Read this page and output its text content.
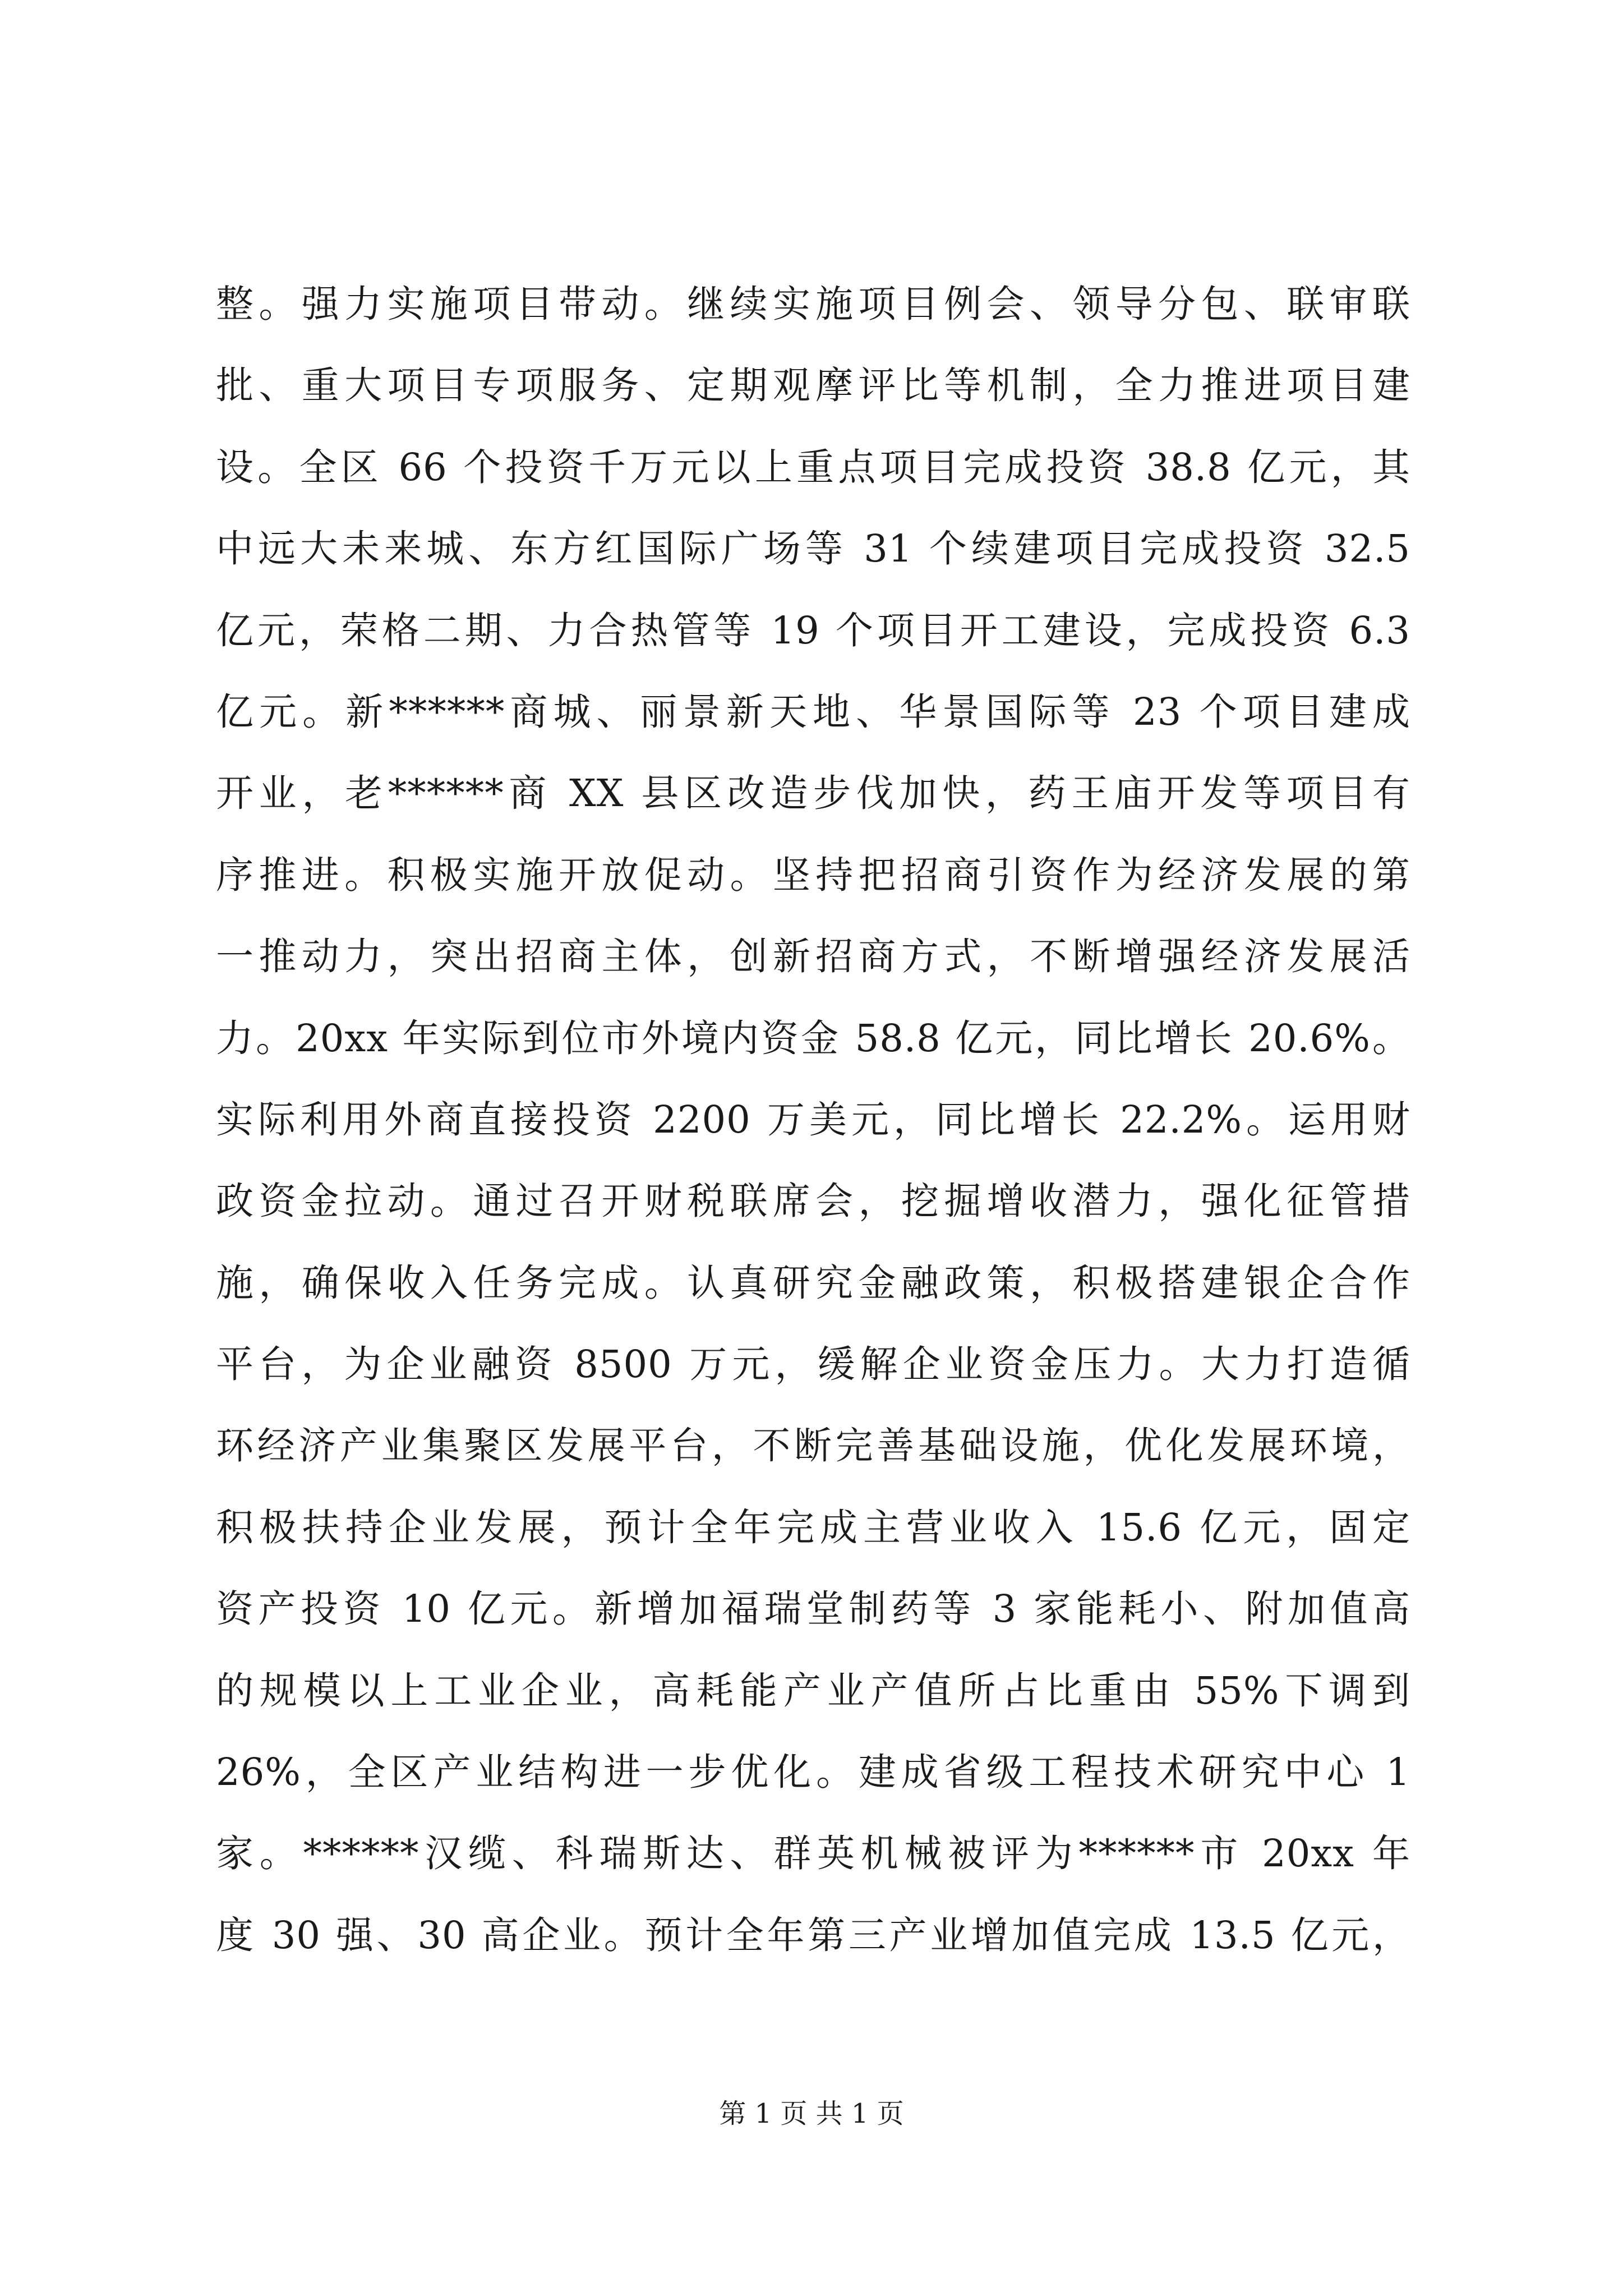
整。强力实施项目带动。继续实施项目例会、领导分包、联审联
批、重大项目专项服务、定期观摩评比等机制，全力推进项目建
设。全区 66 个投资千万元以上重点项目完成投资 38.8 亿元，其
中远大未来城、东方红国际广场等 31 个续建项目完成投资 32.5
亿元，荣格二期、力合热管等 19 个项目开工建设，完成投资 6.3
亿元。新******商城、丽景新天地、华景国际等 23 个项目建成
开业，老******商 XX 县区改造步伐加快，药王庙开发等项目有
序推进。积极实施开放促动。坚持把招商引资作为经济发展的第
一推动力，突出招商主体，创新招商方式，不断增强经济发展活
力。20xx 年实际到位市外境内资金 58.8 亿元，同比增长 20.6%。
实际利用外商直接投资 2200 万美元，同比增长 22.2%。运用财
政资金拉动。通过召开财税联席会，挖掘增收潜力，强化征管措
施，确保收入任务完成。认真研究金融政策，积极搭建银企合作
平台，为企业融资 8500 万元，缓解企业资金压力。大力打造循
环经济产业集聚区发展平台，不断完善基础设施，优化发展环境，
积极扶持企业发展，预计全年完成主营业收入 15.6 亿元，固定
资产投资 10 亿元。新增加福瑞堂制药等 3 家能耗小、附加值高
的规模以上工业企业，高耗能产业产值所占比重由 55%下调到
26%，全区产业结构进一步优化。建成省级工程技术研究中心 1
家。******汉缆、科瑞斯达、群英机械被评为******市 20xx 年
度 30 强、30 高企业。预计全年第三产业增加值完成 13.5 亿元，
第 1 页 共 1 页
